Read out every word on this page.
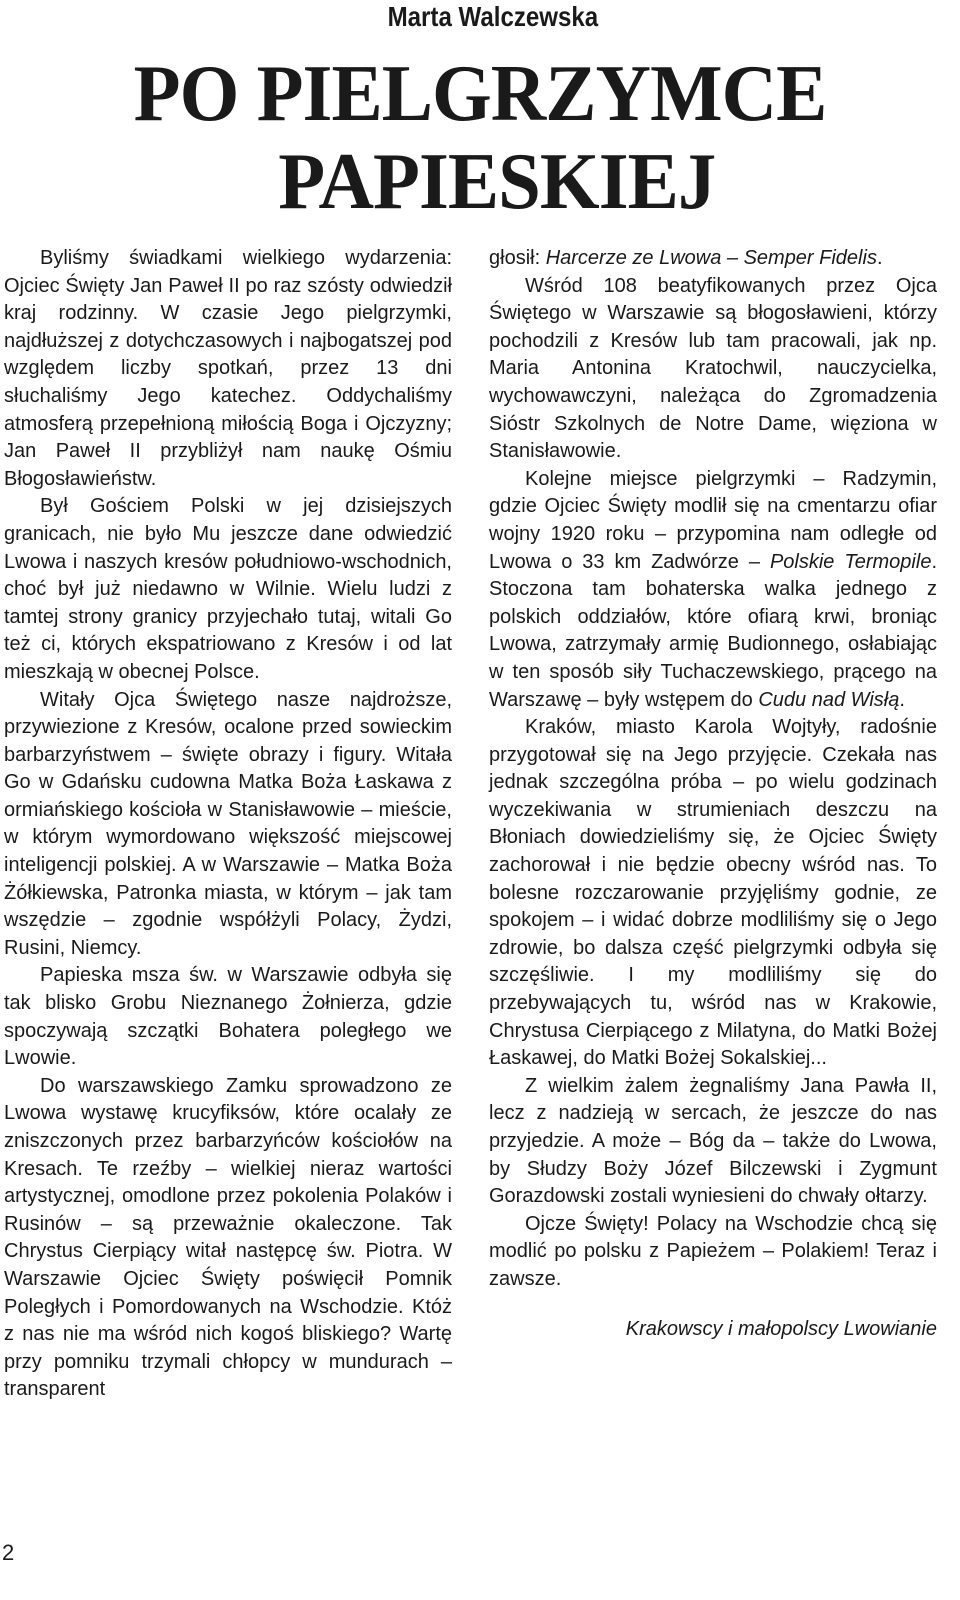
Marta Walczewska
PO PIELGRZYMCE
PAPIESKIEJ

Byliśmy świadkami wielkiego wydarzenia: Ojciec Święty Jan Paweł II po raz szósty odwiedził kraj rodzinny. W czasie Jego pielgrzymki, najdłuższej z dotychczasowych i najbogatszej pod względem liczby spotkań, przez 13 dni słuchaliśmy Jego katechez. Oddychaliśmy atmosferą przepełnioną miłością Boga i Ojczyzny; Jan Paweł II przybliżył nam naukę Ośmiu Błogosławieństw.

Był Gościem Polski w jej dzisiejszych granicach, nie było Mu jeszcze dane odwiedzić Lwowa i naszych kresów południowo-wschodnich, choć był już niedawno w Wilnie. Wielu ludzi z tamtej strony granicy przyjechało tutaj, witali Go też ci, których ekspatriowano z Kresów i od lat mieszkają w obecnej Polsce.

Witały Ojca Świętego nasze najdroższe, przywiezione z Kresów, ocalone przed sowieckim barbarzyństwem – święte obrazy i figury. Witała Go w Gdańsku cudowna Matka Boża Łaskawa z ormiańskiego kościoła w Stanisławowie – mieście, w którym wymordowano większość miejscowej inteligencji polskiej. A w Warszawie – Matka Boża Żółkiewska, Patronka miasta, w którym – jak tam wszędzie – zgodnie współżyli Polacy, Żydzi, Rusini, Niemcy.

Papieska msza św. w Warszawie odbyła się tak blisko Grobu Nieznanego Żołnierza, gdzie spoczywają szczątki Bohatera poległego we Lwowie.

Do warszawskiego Zamku sprowadzono ze Lwowa wystawę krucyfiksów, które ocalały ze zniszczonych przez barbarzyńców kościołów na Kresach. Te rzeźby – wielkiej nieraz wartości artystycznej, omodlone przez pokolenia Polaków i Rusinów – są przeważnie okaleczone. Tak Chrystus Cierpiący witał następcę św. Piotra. W Warszawie Ojciec Święty poświęcił Pomnik Poległych i Pomordowanych na Wschodzie. Któż z nas nie ma wśród nich kogoś bliskiego? Wartę przy pomniku trzymali chłopcy w mundurach – transparent

głosił: Harcerze ze Lwowa – Semper Fidelis.

Wśród 108 beatyfikowanych przez Ojca Świętego w Warszawie są błogosławieni, którzy pochodzili z Kresów lub tam pracowali, jak np. Maria Antonina Kratochwil, nauczycielka, wychowawczyni, należąca do Zgromadzenia Sióstr Szkolnych de Notre Dame, więziona w Stanisławowie.

Kolejne miejsce pielgrzymki – Radzymin, gdzie Ojciec Święty modlił się na cmentarzu ofiar wojny 1920 roku – przypomina nam odległe od Lwowa o 33 km Zadwórze – Polskie Termopile. Stoczona tam bohaterska walka jednego z polskich oddziałów, które ofiarą krwi, broniąc Lwowa, zatrzymały armię Budionnego, osłabiając w ten sposób siły Tuchaczewskiego, prącego na Warszawę – były wstępem do Cudu nad Wisłą.

Kraków, miasto Karola Wojtyły, radośnie przygotował się na Jego przyjęcie. Czekała nas jednak szczególna próba – po wielu godzinach wyczekiwania w strumieniach deszczu na Błoniach dowiedzieliśmy się, że Ojciec Święty zachorował i nie będzie obecny wśród nas. To bolesne rozczarowanie przyjęliśmy godnie, ze spokojem – i widać dobrze modliliśmy się o Jego zdrowie, bo dalsza część pielgrzymki odbyła się szczęśliwie. I my modliliśmy się do przebywających tu, wśród nas w Krakowie, Chrystusa Cierpiącego z Milatyna, do Matki Bożej Łaskawej, do Matki Bożej Sokalskiej...

Z wielkim żalem żegnaliśmy Jana Pawła II, lecz z nadzieją w sercach, że jeszcze do nas przyjedzie. A może – Bóg da – także do Lwowa, by Słudzy Boży Józef Bilczewski i Zygmunt Gorazdowski zostali wyniesieni do chwały ołtarzy.

Ojcze Święty! Polacy na Wschodzie chcą się modlić po polsku z Papieżem – Polakiem! Teraz i zawsze.

Krakowscy i małopolscy Lwowianie

2
